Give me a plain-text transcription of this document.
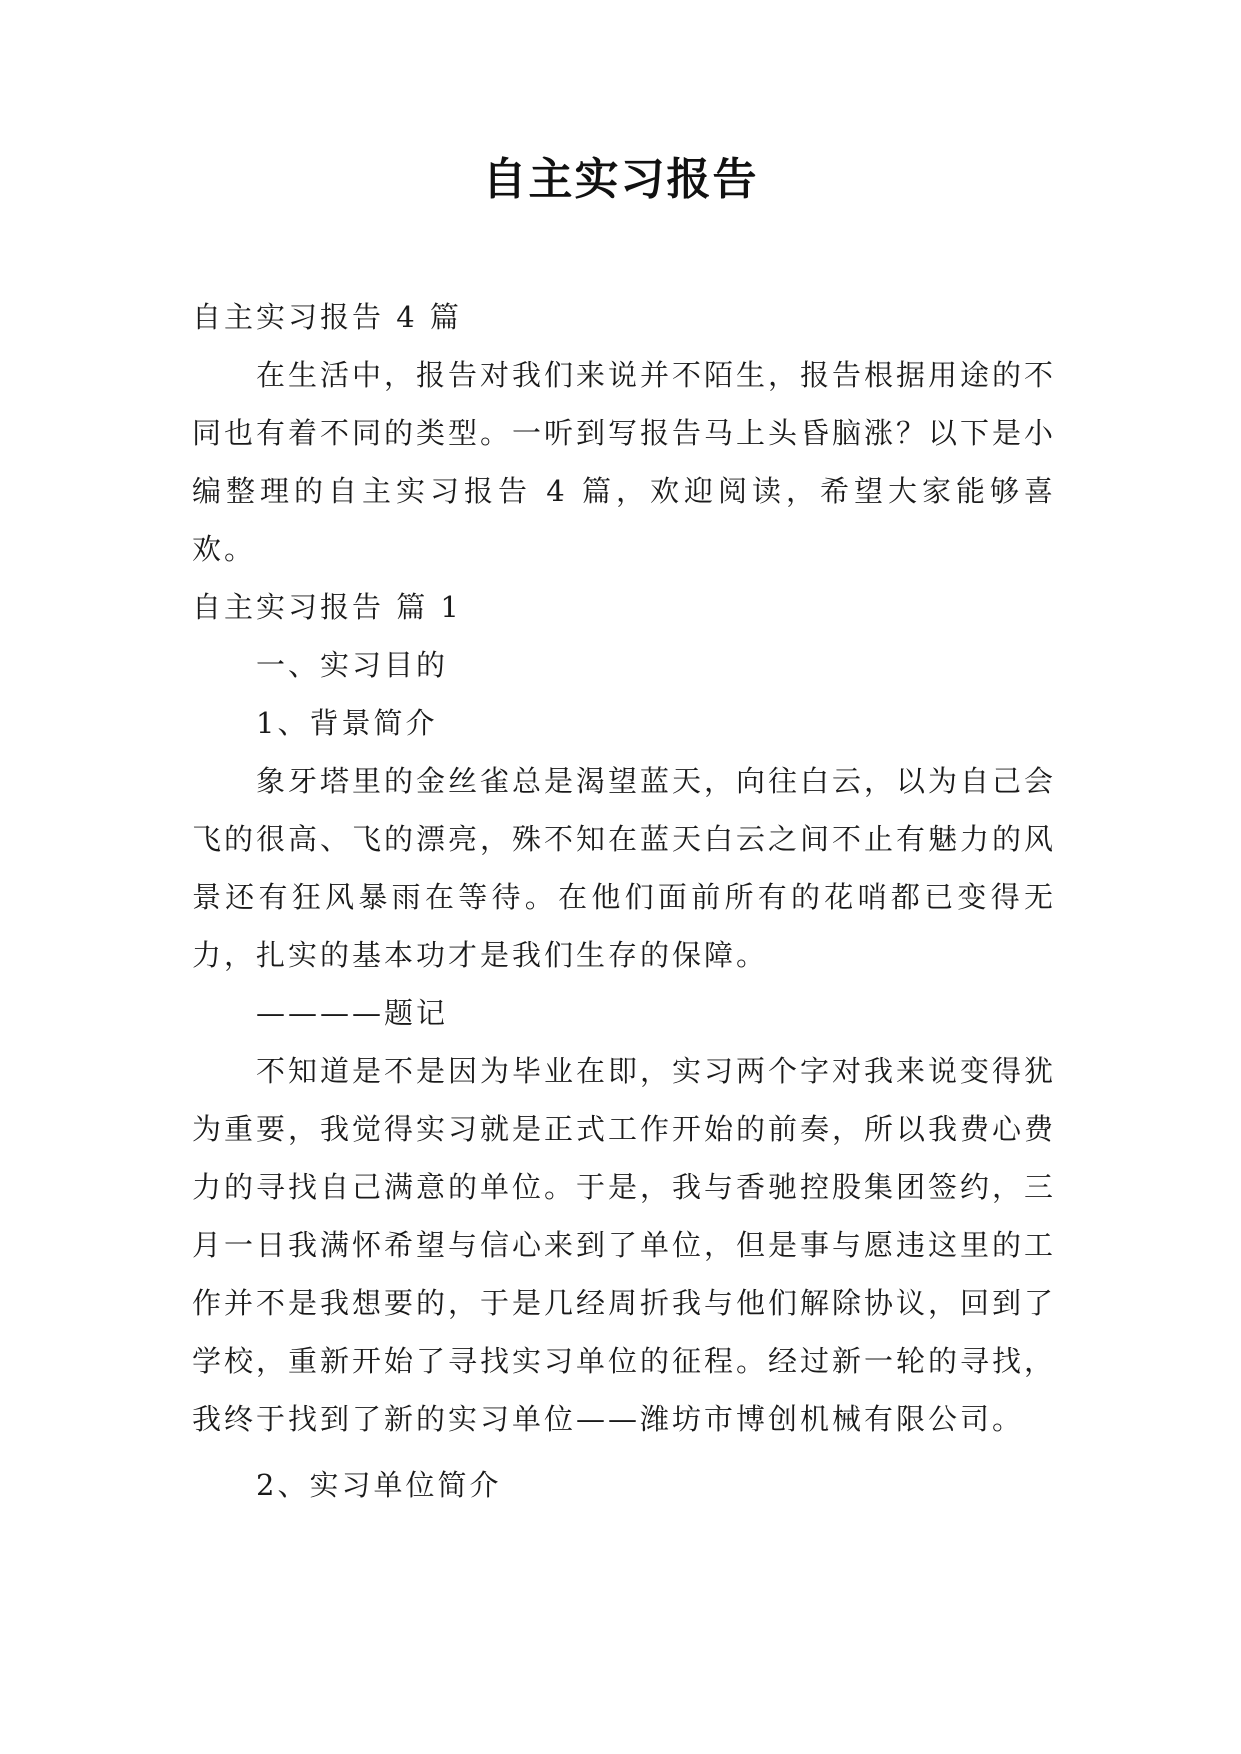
自主实习报告

自主实习报告 4 篇

在生活中，报告对我们来说并不陌生，报告根据用途的不同也有着不同的类型。一听到写报告马上头昏脑涨？以下是小编整理的自主实习报告 4 篇，欢迎阅读，希望大家能够喜欢。

自主实习报告 篇 1

一、实习目的

1、背景简介

象牙塔里的金丝雀总是渴望蓝天，向往白云，以为自己会飞的很高、飞的漂亮，殊不知在蓝天白云之间不止有魅力的风景还有狂风暴雨在等待。在他们面前所有的花哨都已变得无力，扎实的基本功才是我们生存的保障。

————题记

不知道是不是因为毕业在即，实习两个字对我来说变得犹为重要，我觉得实习就是正式工作开始的前奏，所以我费心费力的寻找自己满意的单位。于是，我与香驰控股集团签约，三月一日我满怀希望与信心来到了单位，但是事与愿违这里的工作并不是我想要的，于是几经周折我与他们解除协议，回到了学校，重新开始了寻找实习单位的征程。经过新一轮的寻找，我终于找到了新的实习单位——潍坊市博创机械有限公司。

2、实习单位简介
